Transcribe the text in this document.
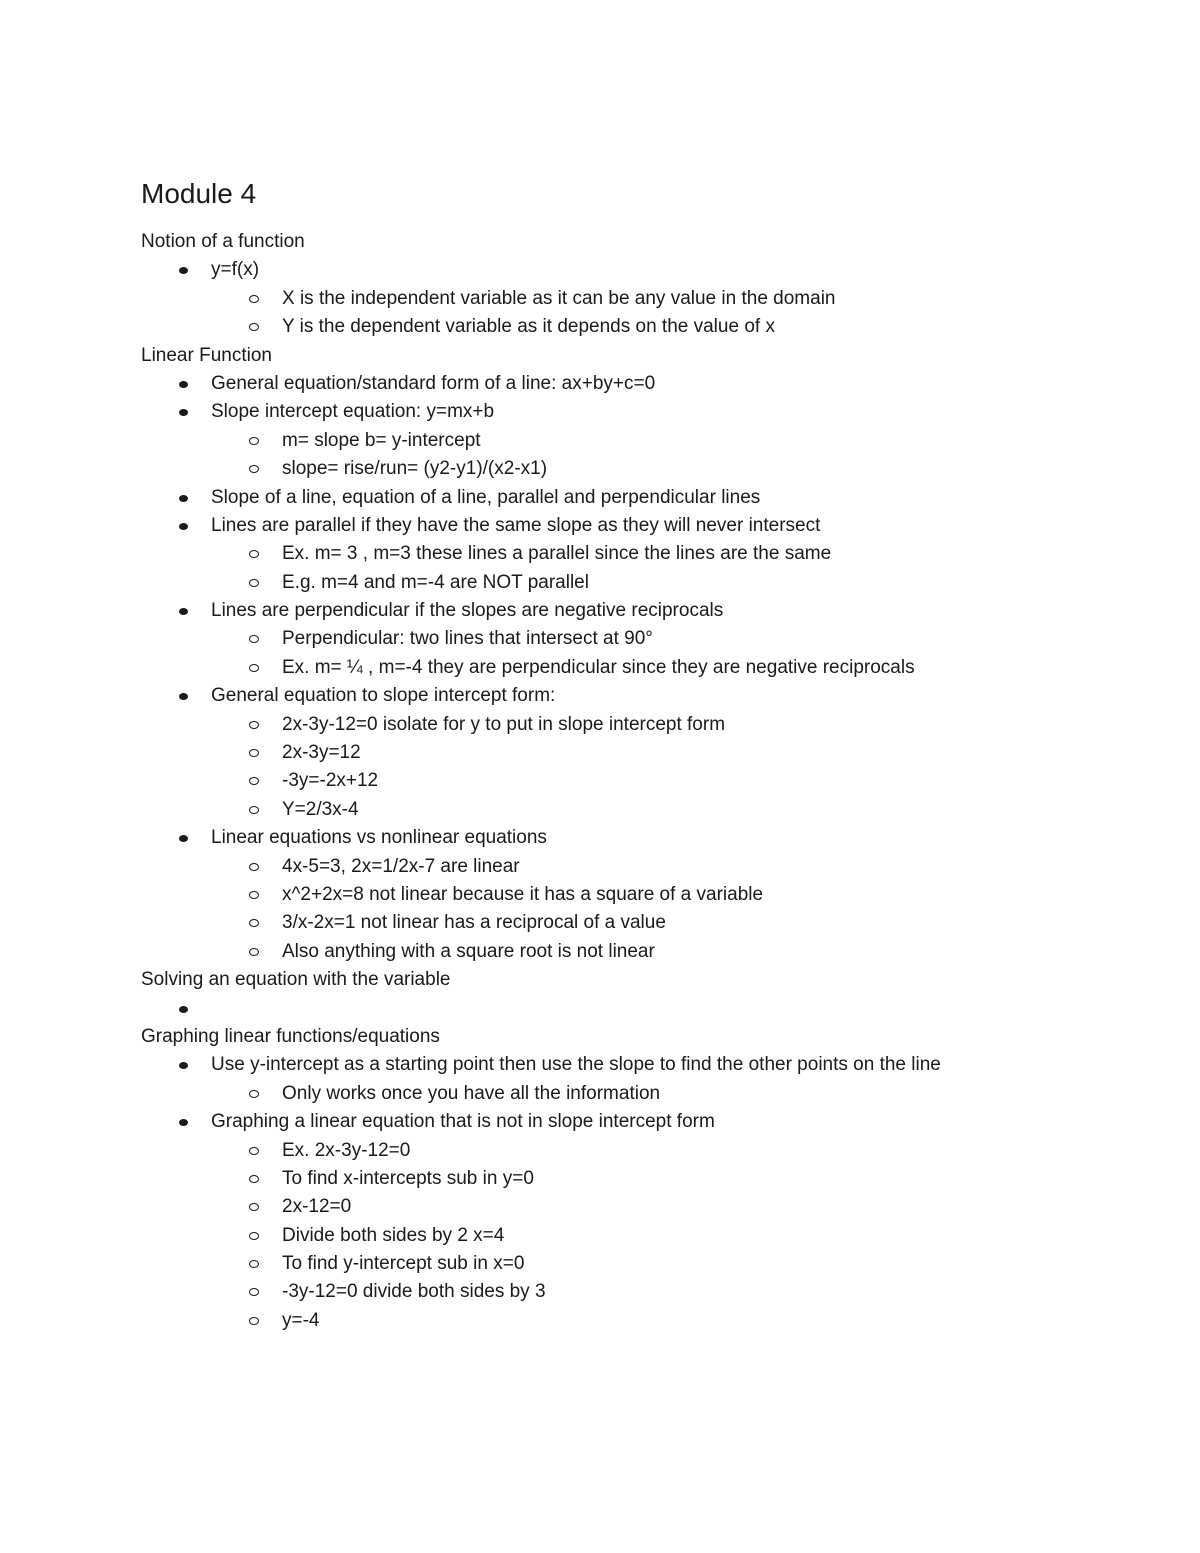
Module 4
Notion of a function
y=f(x)
X is the independent variable as it can be any value in the domain
Y is the dependent variable as it depends on the value of x
Linear Function
General equation/standard form of a line: ax+by+c=0
Slope intercept equation: y=mx+b
m= slope b= y-intercept
slope= rise/run= (y2-y1)/(x2-x1)
Slope of a line, equation of a line, parallel and perpendicular lines
Lines are parallel if they have the same slope as they will never intersect
Ex. m= 3 , m=3 these lines a parallel since the lines are the same
E.g. m=4 and m=-4 are NOT parallel
Lines are perpendicular if the slopes are negative reciprocals
Perpendicular: two lines that intersect at 90°
Ex. m= ¼ , m=-4 they are perpendicular since they are negative reciprocals
General equation to slope intercept form:
2x-3y-12=0 isolate for y to put in slope intercept form
2x-3y=12
-3y=-2x+12
Y=2/3x-4
Linear equations vs nonlinear equations
4x-5=3, 2x=1/2x-7 are linear
x^2+2x=8 not linear because it has a square of a variable
3/x-2x=1 not linear has a reciprocal of a value
Also anything with a square root is not linear
Solving an equation with the variable
Graphing linear functions/equations
Use y-intercept as a starting point then use the slope to find the other points on the line
Only works once you have all the information
Graphing a linear equation that is not in slope intercept form
Ex. 2x-3y-12=0
To find x-intercepts sub in y=0
2x-12=0
Divide both sides by 2 x=4
To find y-intercept sub in x=0
-3y-12=0 divide both sides by 3
y=-4
